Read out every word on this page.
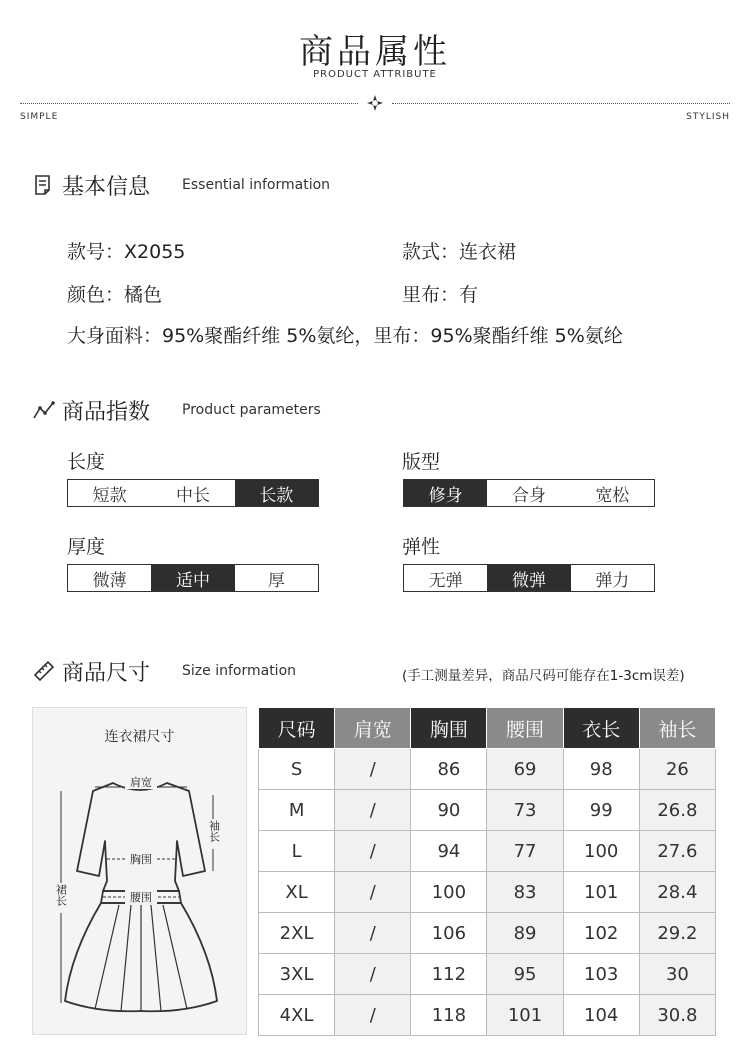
商品属性
PRODUCT ATTRIBUTE
SIMPLE	STYLISH
基本信息 Essential information
款号：X2055	款式：连衣裙
颜色：橘色	里布：有
大身面料：95%聚酯纤维 5%氨纶，里布：95%聚酯纤维 5%氨纶
商品指数 Product parameters
长度
短款	中长	长款
版型
修身	合身	宽松
厚度
微薄	适中	厚
弹性
无弹	微弹	弹力
商品尺寸 Size information	(手工测量差异，商品尺码可能存在1-3cm误差)
连衣裙尺寸
肩宽
胸围
腰围
袖长
裙长
尺码	肩宽	胸围	腰围	衣长	袖长
S	/	86	69	98	26
M	/	90	73	99	26.8
L	/	94	77	100	27.6
XL	/	100	83	101	28.4
2XL	/	106	89	102	29.2
3XL	/	112	95	103	30
4XL	/	118	101	104	30.8
